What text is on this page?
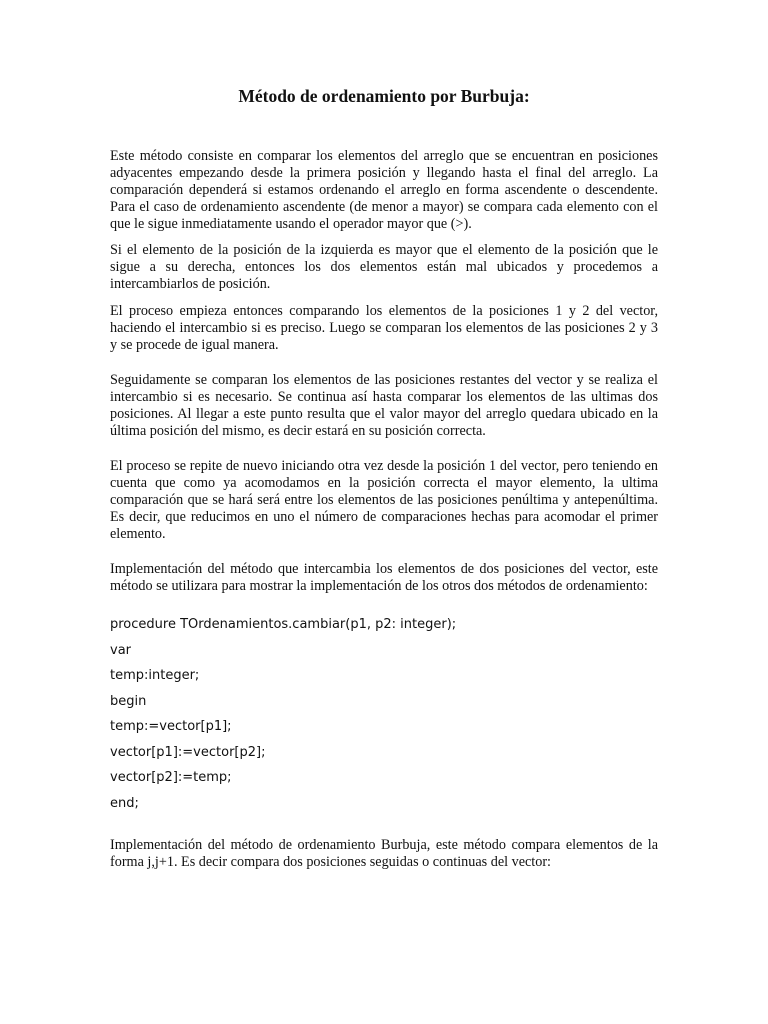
Método de ordenamiento por Burbuja:

Este método consiste en comparar los elementos del arreglo que se encuentran en posiciones adyacentes empezando desde la primera posición y llegando hasta el final del arreglo. La comparación dependerá si estamos ordenando el arreglo en forma ascendente o descendente. Para el caso de ordenamiento ascendente (de menor a mayor) se compara cada elemento con el que le sigue inmediatamente usando el operador mayor que (>).

Si el elemento de la posición de la izquierda es mayor que el elemento de la posición que le sigue a su derecha, entonces los dos elementos están mal ubicados y procedemos a intercambiarlos de posición.

El proceso empieza entonces comparando los elementos de la posiciones 1 y 2 del vector, haciendo el intercambio si es preciso. Luego se comparan los elementos de las posiciones 2 y 3 y se procede de igual manera.

Seguidamente se comparan los elementos de las posiciones restantes del vector y se realiza el intercambio si es necesario. Se continua así hasta comparar los elementos de las ultimas dos posiciones. Al llegar a este punto resulta que el valor mayor del arreglo quedara ubicado en la última posición del mismo, es decir estará en su posición correcta.

El proceso se repite de nuevo iniciando otra vez desde la posición 1 del vector, pero teniendo en cuenta que como ya acomodamos en la posición correcta el mayor elemento, la ultima comparación que se hará será entre los elementos de las posiciones penúltima y antepenúltima. Es decir, que reducimos en uno el número de comparaciones hechas para acomodar el primer elemento.

Implementación del método que intercambia los elementos de dos posiciones del vector, este método se utilizara para mostrar la implementación de los otros dos métodos de ordenamiento:

procedure TOrdenamientos.cambiar(p1, p2: integer);
var
temp:integer;
begin
temp:=vector[p1];
vector[p1]:=vector[p2];
vector[p2]:=temp;
end;

Implementación del método de ordenamiento Burbuja, este método compara elementos de la forma j,j+1. Es decir compara dos posiciones seguidas o continuas del vector:
